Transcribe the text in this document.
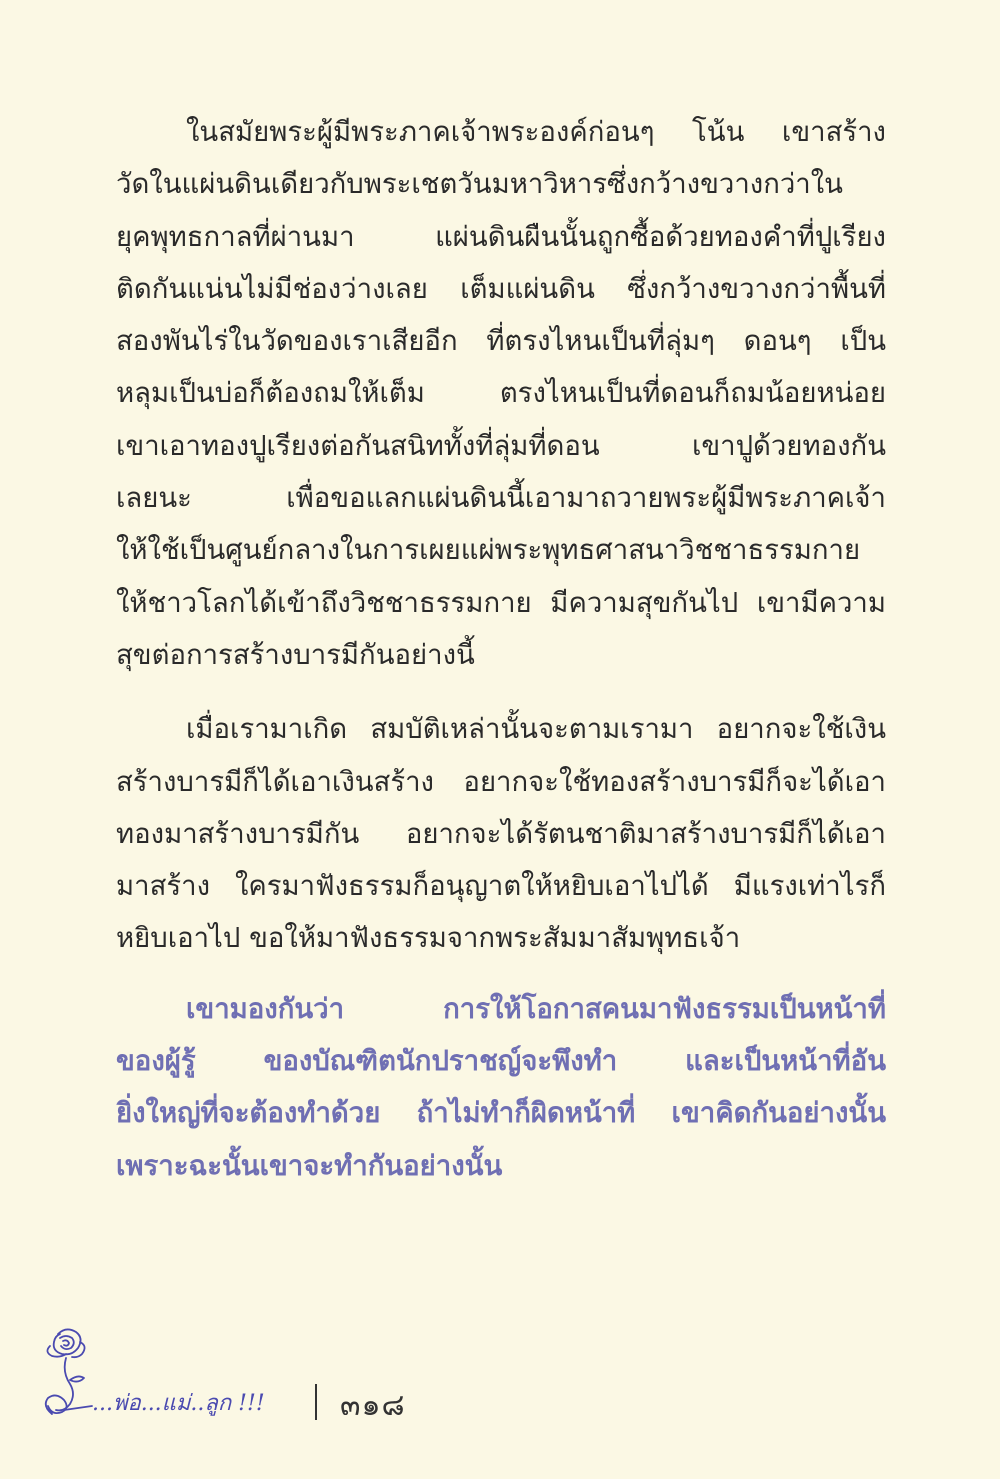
ในสมัยพระผู้มีพระภาคเจ้าพระองค์ก่อนๆ โน้น เขาสร้าง
วัดในแผ่นดินเดียวกับพระเชตวันมหาวิหารซึ่งกว้างขวางกว่าใน
ยุคพุทธกาลที่ผ่านมา แผ่นดินผืนนั้นถูกซื้อด้วยทองคำที่ปูเรียง
ติดกันแน่นไม่มีช่องว่างเลย เต็มแผ่นดิน ซึ่งกว้างขวางกว่าพื้นที่
สองพันไร่ในวัดของเราเสียอีก ที่ตรงไหนเป็นที่ลุ่มๆ ดอนๆ เป็น
หลุมเป็นบ่อก็ต้องถมให้เต็ม ตรงไหนเป็นที่ดอนก็ถมน้อยหน่อย
เขาเอาทองปูเรียงต่อกันสนิททั้งที่ลุ่มที่ดอน เขาปูด้วยทองกัน
เลยนะ เพื่อขอแลกแผ่นดินนี้เอามาถวายพระผู้มีพระภาคเจ้า
ให้ใช้เป็นศูนย์กลางในการเผยแผ่พระพุทธศาสนาวิชชาธรรมกาย
ให้ชาวโลกได้เข้าถึงวิชชาธรรมกาย มีความสุขกันไป เขามีความ
สุขต่อการสร้างบารมีกันอย่างนี้

เมื่อเรามาเกิด สมบัติเหล่านั้นจะตามเรามา อยากจะใช้เงิน
สร้างบารมีก็ได้เอาเงินสร้าง อยากจะใช้ทองสร้างบารมีก็จะได้เอา
ทองมาสร้างบารมีกัน อยากจะได้รัตนชาติมาสร้างบารมีก็ได้เอา
มาสร้าง ใครมาฟังธรรมก็อนุญาตให้หยิบเอาไปได้ มีแรงเท่าไรก็
หยิบเอาไป ขอให้มาฟังธรรมจากพระสัมมาสัมพุทธเจ้า

เขามองกันว่า การให้โอกาสคนมาฟังธรรมเป็นหน้าที่
ของผู้รู้ ของบัณฑิตนักปราชญ์จะพึงทำ และเป็นหน้าที่อัน
ยิ่งใหญ่ที่จะต้องทำด้วย ถ้าไม่ทำก็ผิดหน้าที่ เขาคิดกันอย่างนั้น
เพราะฉะนั้นเขาจะทำกันอย่างนั้น

...พ่อ...แม่..ลูก !!!	๓๑๘
